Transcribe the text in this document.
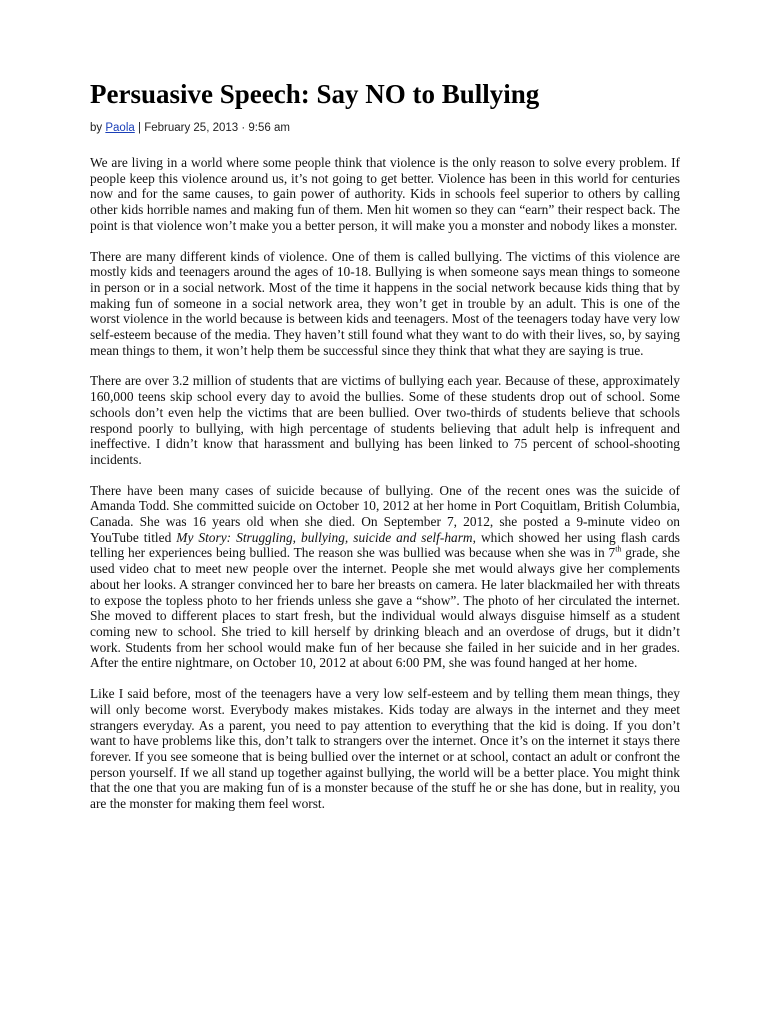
Persuasive Speech: Say NO to Bullying
by Paola | February 25, 2013 · 9:56 am

We are living in a world where some people think that violence is the only reason to solve every problem. If people keep this violence around us, it’s not going to get better. Violence has been in this world for centuries now and for the same causes, to gain power of authority. Kids in schools feel superior to others by calling other kids horrible names and making fun of them. Men hit women so they can “earn” their respect back. The point is that violence won’t make you a better person, it will make you a monster and nobody likes a monster.

There are many different kinds of violence. One of them is called bullying. The victims of this violence are mostly kids and teenagers around the ages of 10-18. Bullying is when someone says mean things to someone in person or in a social network. Most of the time it happens in the social network because kids thing that by making fun of someone in a social network area, they won’t get in trouble by an adult. This is one of the worst violence in the world because is between kids and teenagers. Most of the teenagers today have very low self-esteem because of the media. They haven’t still found what they want to do with their lives, so, by saying mean things to them, it won’t help them be successful since they think that what they are saying is true.

There are over 3.2 million of students that are victims of bullying each year. Because of these, approximately 160,000 teens skip school every day to avoid the bullies. Some of these students drop out of school. Some schools don’t even help the victims that are been bullied. Over two-thirds of students believe that schools respond poorly to bullying, with high percentage of students believing that adult help is infrequent and ineffective. I didn’t know that harassment and bullying has been linked to 75 percent of school-shooting incidents.

There have been many cases of suicide because of bullying. One of the recent ones was the suicide of Amanda Todd. She committed suicide on October 10, 2012 at her home in Port Coquitlam, British Columbia, Canada. She was 16 years old when she died. On September 7, 2012, she posted a 9-minute video on YouTube titled My Story: Struggling, bullying, suicide and self-harm, which showed her using flash cards telling her experiences being bullied. The reason she was bullied was because when she was in 7th grade, she used video chat to meet new people over the internet. People she met would always give her complements about her looks. A stranger convinced her to bare her breasts on camera. He later blackmailed her with threats to expose the topless photo to her friends unless she gave a “show”. The photo of her circulated the internet. She moved to different places to start fresh, but the individual would always disguise himself as a student coming new to school. She tried to kill herself by drinking bleach and an overdose of drugs, but it didn’t work. Students from her school would make fun of her because she failed in her suicide and in her grades. After the entire nightmare, on October 10, 2012 at about 6:00 PM, she was found hanged at her home.

Like I said before, most of the teenagers have a very low self-esteem and by telling them mean things, they will only become worst. Everybody makes mistakes. Kids today are always in the internet and they meet strangers everyday. As a parent, you need to pay attention to everything that the kid is doing. If you don’t want to have problems like this, don’t talk to strangers over the internet. Once it’s on the internet it stays there forever. If you see someone that is being bullied over the internet or at school, contact an adult or confront the person yourself. If we all stand up together against bullying, the world will be a better place. You might think that the one that you are making fun of is a monster because of the stuff he or she has done, but in reality, you are the monster for making them feel worst.
